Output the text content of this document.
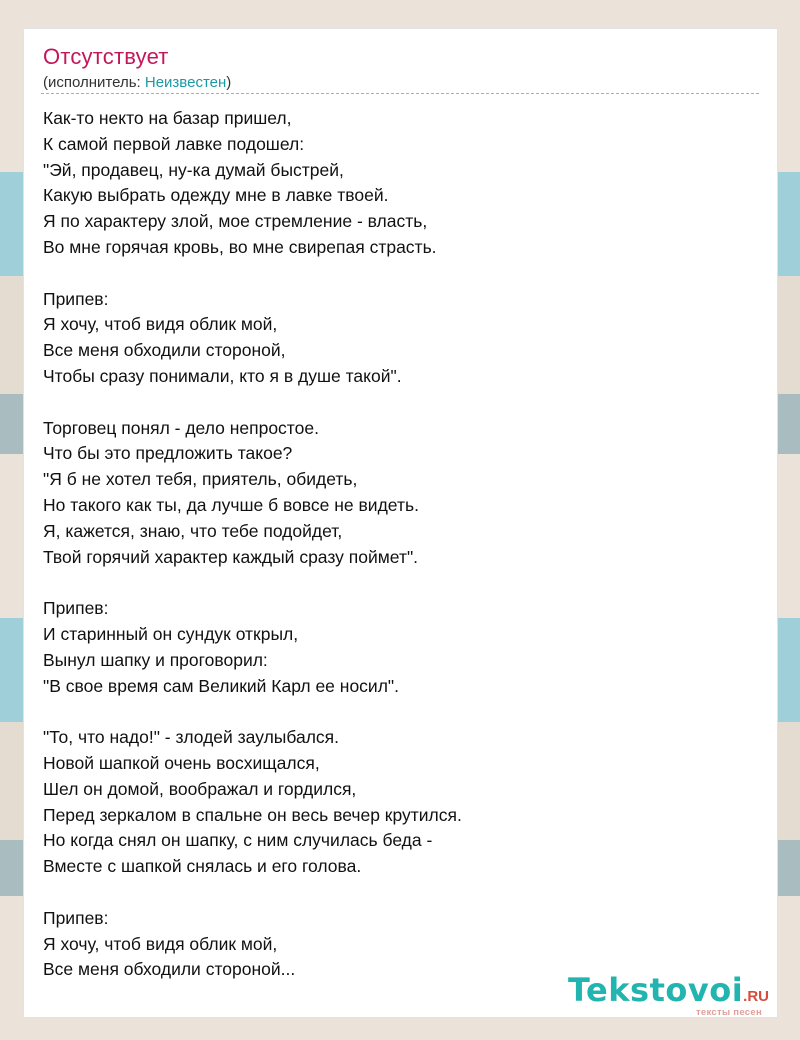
Отсутствует
(исполнитель: Неизвестен)
Как-то некто на базар пришел,
К самой первой лавке подошел:
"Эй, продавец, ну-ка думай быстрей,
Какую выбрать одежду мне в лавке твоей.
Я по характеру злой, мое стремление - власть,
Во мне горячая кровь, во мне свирепая страсть.
Припев:
Я хочу, чтоб видя облик мой,
Все меня обходили стороной,
Чтобы сразу понимали, кто я в душе такой".
Торговец понял - дело непростое.
Что бы это предложить такое?
"Я б не хотел тебя, приятель, обидеть,
Но такого как ты, да лучше б вовсе не видеть.
Я, кажется, знаю, что тебе подойдет,
Твой горячий характер каждый сразу поймет".
Припев:
И старинный он сундук открыл,
Вынул шапку и проговорил:
"В свое время сам Великий Карл ее носил".
"То, что надо!" - злодей заулыбался.
Новой шапкой очень восхищался,
Шел он домой, воображал и гордился,
Перед зеркалом в спальне он весь вечер крутился.
Но когда снял он шапку, с ним случилась беда -
Вместе с шапкой снялась и его голова.
Припев:
Я хочу, чтоб видя облик мой,
Все меня обходили стороной...
Tekstovoi.RU
тексты песен
